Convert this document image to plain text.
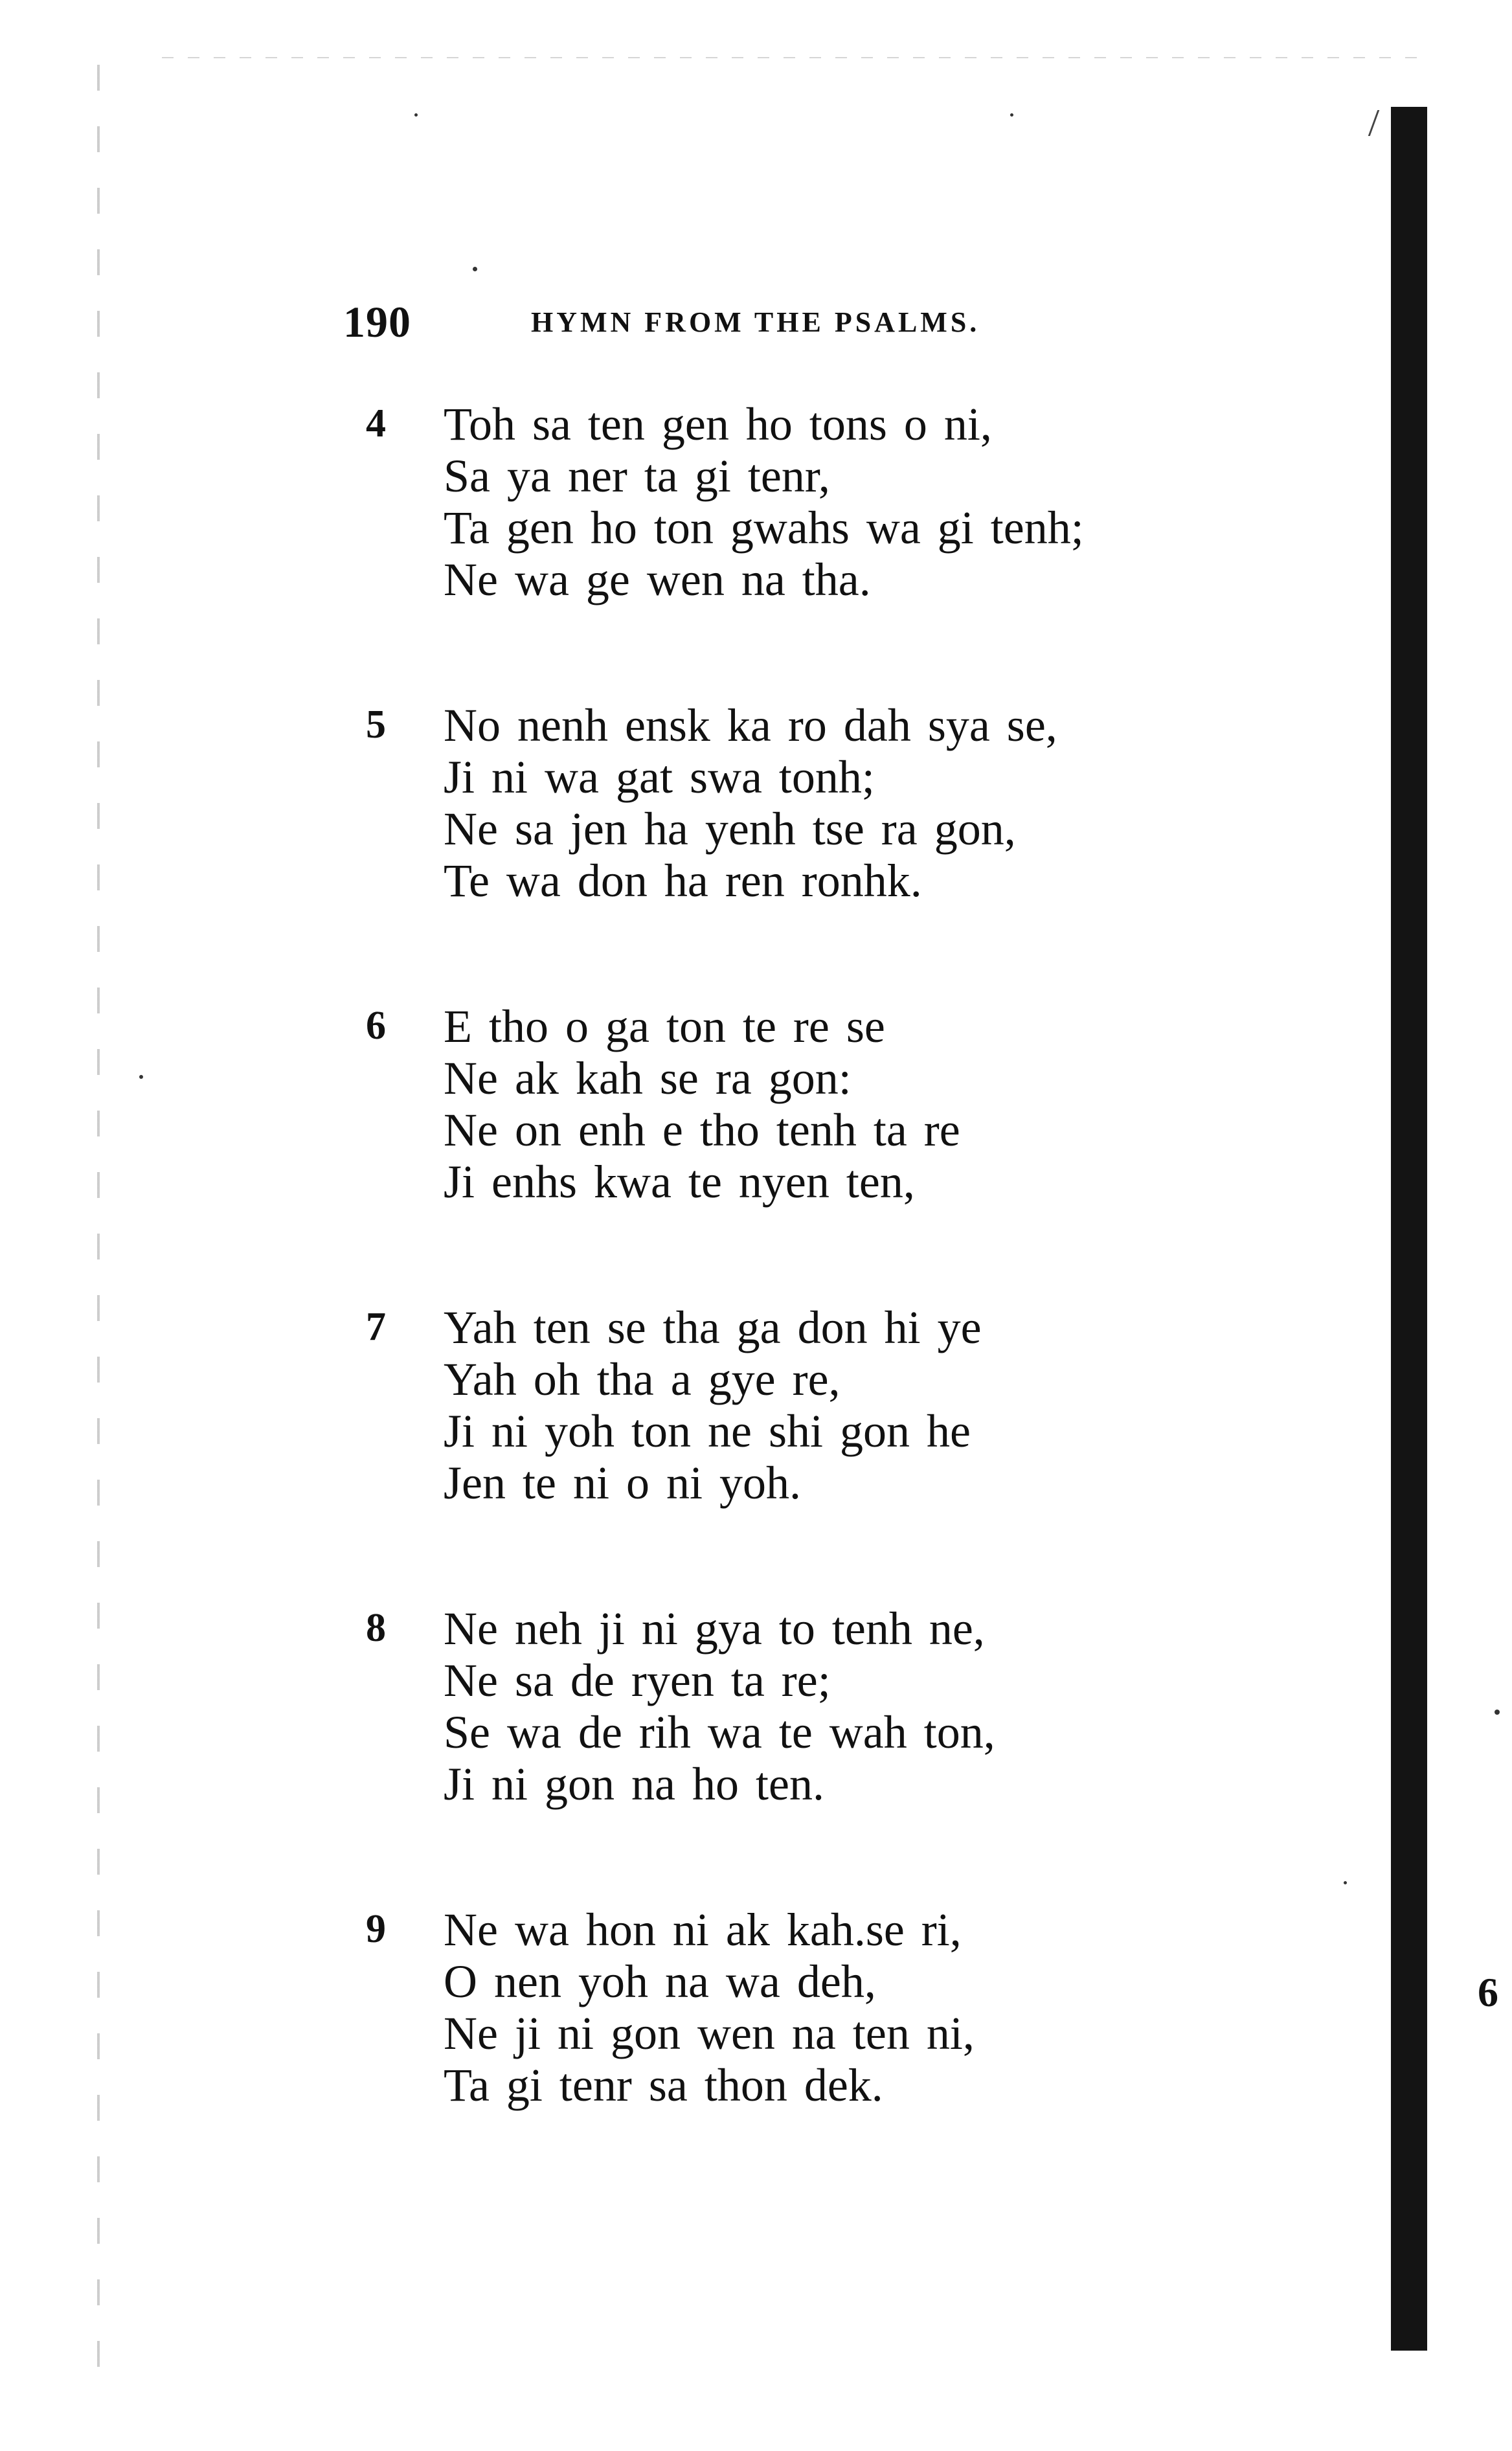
190	HYMN FROM THE PSALMS.
4 Toh sa ten gen ho tons o ni,
Sa ya ner ta gi tenr,
Ta gen ho ton gwahs wa gi tenh;
Ne wa ge wen na tha.
5 No nenh ensk ka ro dah sya se,
Ji ni wa gat swa tonh;
Ne sa jen ha yenh tse ra gon,
Te wa don ha ren ronhk.
6 E tho o ga ton te re se
Ne ak kah se ra gon:
Ne on enh e tho tenh ta re
Ji enhs kwa te nyen ten,
7 Yah ten se tha ga don hi ye
Yah oh tha a gye re,
Ji ni yoh ton ne shi gon he
Jen te ni o ni yoh.
8 Ne neh ji ni gya to tenh ne,
Ne sa de ryen ta re;
Se wa de rih wa te wah ton,
Ji ni gon na ho ten.
9 Ne wa hon ni ak kah.se ri,
O nen yoh na wa deh,
Ne ji ni gon wen na ten ni,
Ta gi tenr sa thon dek.
6
